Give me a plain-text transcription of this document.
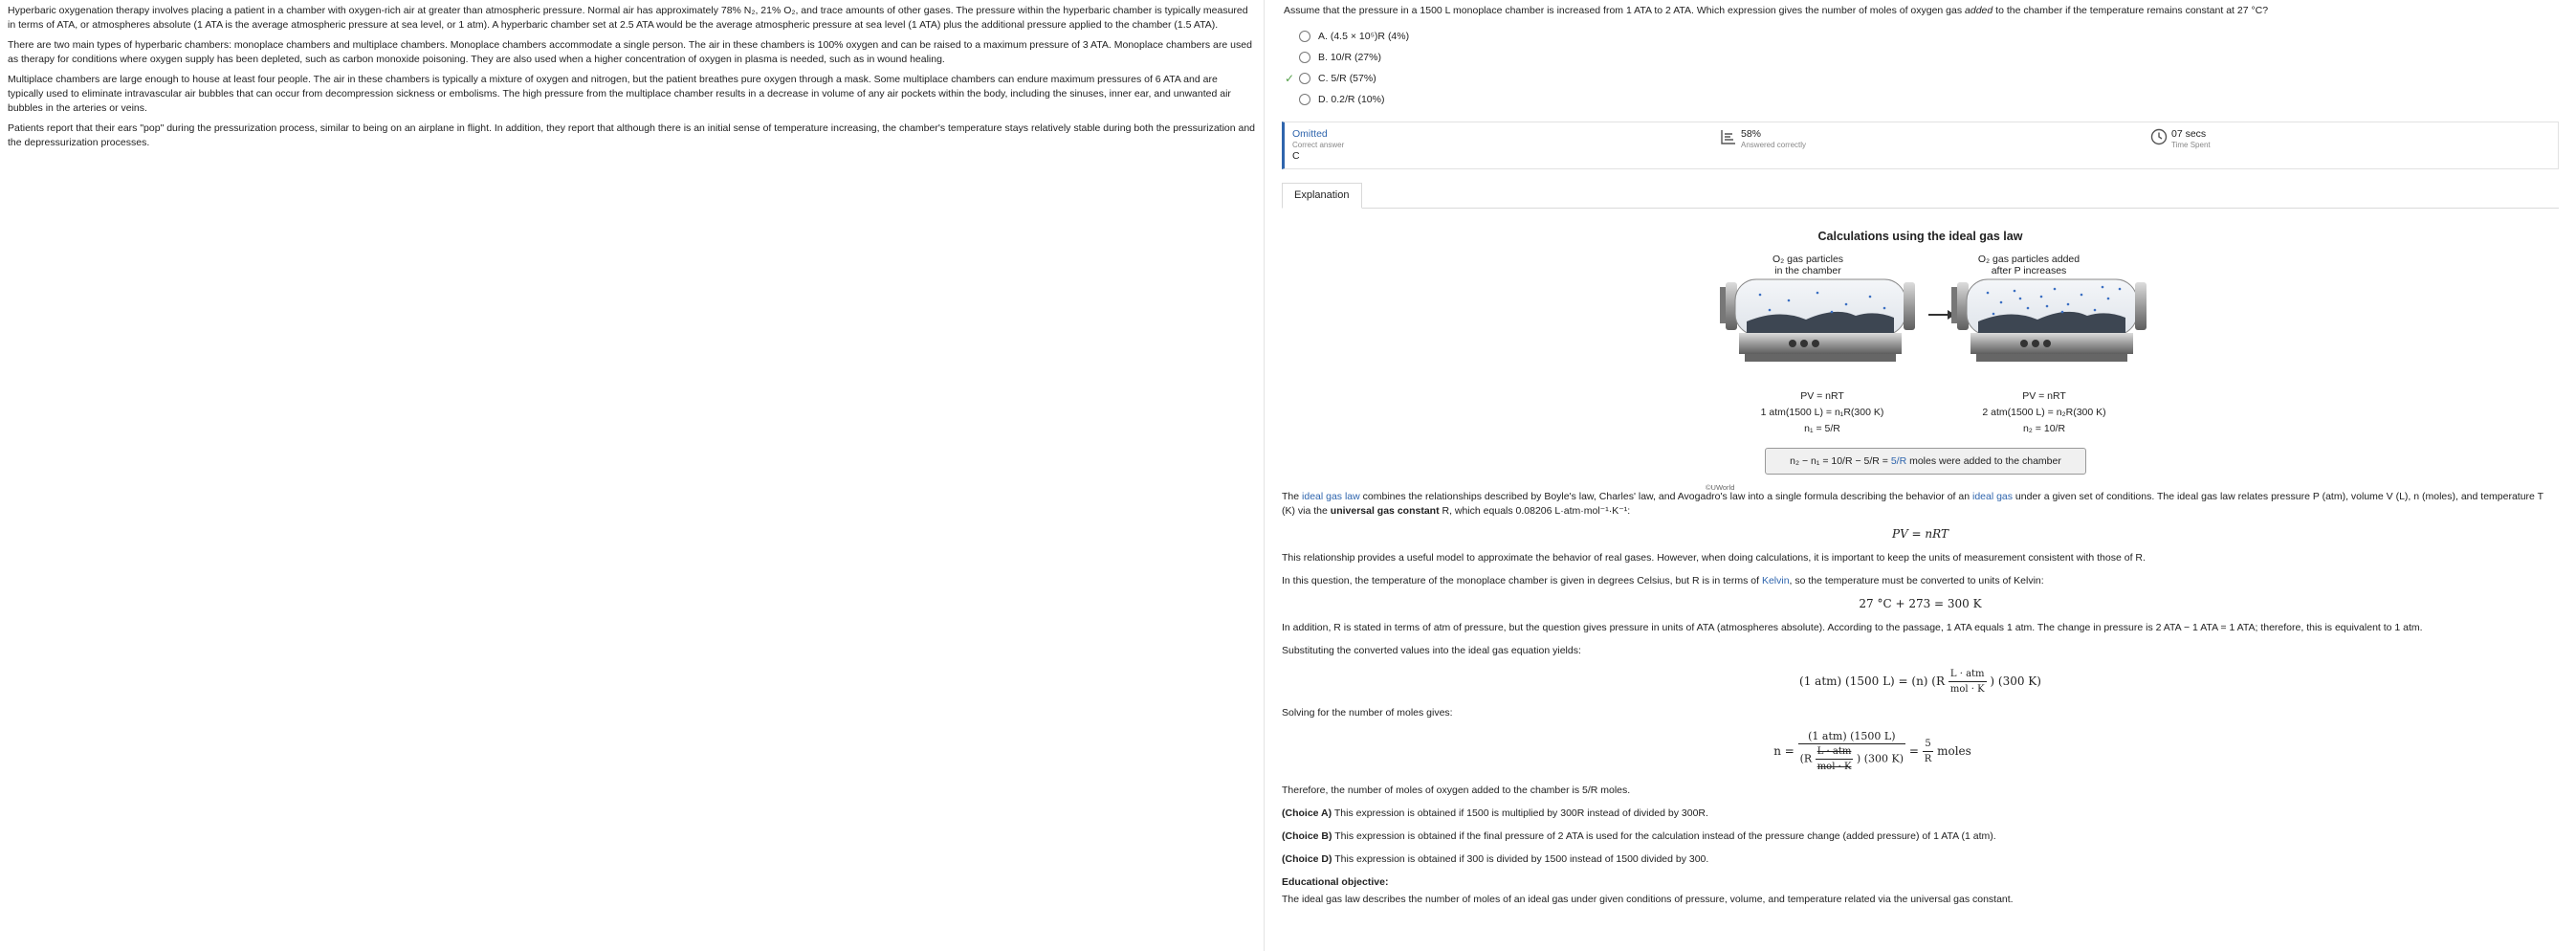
Hyperbaric oxygenation therapy involves placing a patient in a chamber with oxygen-rich air at greater than atmospheric pressure. Normal air has approximately 78% N₂, 21% O₂, and trace amounts of other gases. The pressure within the hyperbaric chamber is typically measured in terms of ATA, or atmospheres absolute (1 ATA is the average atmospheric pressure at sea level, or 1 atm). A hyperbaric chamber set at 2.5 ATA would be the average atmospheric pressure at sea level (1 ATA) plus the additional pressure applied to the chamber (1.5 ATA).

There are two main types of hyperbaric chambers: monoplace chambers and multiplace chambers. Monoplace chambers accommodate a single person. The air in these chambers is 100% oxygen and can be raised to a maximum pressure of 3 ATA. Monoplace chambers are used as therapy for conditions where oxygen supply has been depleted, such as carbon monoxide poisoning. They are also used when a higher concentration of oxygen in plasma is needed, such as in wound healing.

Multiplace chambers are large enough to house at least four people. The air in these chambers is typically a mixture of oxygen and nitrogen, but the patient breathes pure oxygen through a mask. Some multiplace chambers can endure maximum pressures of 6 ATA and are typically used to eliminate intravascular air bubbles that can occur from decompression sickness or embolisms. The high pressure from the multiplace chamber results in a decrease in volume of any air pockets within the body, including the sinuses, inner ear, and unwanted air bubbles in the arteries or veins.

Patients report that their ears "pop" during the pressurization process, similar to being on an airplane in flight. In addition, they report that although there is an initial sense of temperature increasing, the chamber's temperature stays relatively stable during both the pressurization and the depressurization processes.

Assume that the pressure in a 1500 L monoplace chamber is increased from 1 ATA to 2 ATA. Which expression gives the number of moles of oxygen gas added to the chamber if the temperature remains constant at 27 °C?
A.
(4.5 × 10⁵)R
(4%)
B.
10/R
(27%)
✓ C.
5/R
(57%)
D.
0.2/R
(10%)
Omitted
Correct answer
C
58%
Answered correctly
07 secs
Time Spent
Explanation
Calculations using the ideal gas law
O₂ gas particles
in the chamber
O₂ gas particles added
after P increases
PV = nRT
1 atm(1500 L) = n₁R(300 K)
n₁ = 5/R
PV = nRT
2 atm(1500 L) = n₂R(300 K)
n₂ = 10/R
n₂ − n₁ = 10/R − 5/R = 5/R moles were added to the chamber
©UWorld

The ideal gas law combines the relationships described by Boyle's law, Charles' law, and Avogadro's law into a single formula describing the behavior of an ideal gas under a given set of conditions. The ideal gas law relates pressure P (atm), volume V (L), n (moles), and temperature T (K) via the universal gas constant R, which equals 0.08206 L·atm·mol⁻¹·K⁻¹:

PV = nRT

This relationship provides a useful model to approximate the behavior of real gases. However, when doing calculations, it is important to keep the units of measurement consistent with those of R.

In this question, the temperature of the monoplace chamber is given in degrees Celsius, but R is in terms of Kelvin, so the temperature must be converted to units of Kelvin:

27 °C + 273 = 300 K

In addition, R is stated in terms of atm of pressure, but the question gives pressure in units of ATA (atmospheres absolute). According to the passage, 1 ATA equals 1 atm. The change in pressure is 2 ATA − 1 ATA = 1 ATA; therefore, this is equivalent to 1 atm.

Substituting the converted values into the ideal gas equation yields:

(1 atm) (1500 L) = (n) ($R \frac{\text{L · atm}}{\text{mol · K}}$ ) (300 K)

Solving for the number of moles gives:

$n = \frac{\text{(1 atm) (1500 L)}}{(R \frac{\text{L · atm}}{\text{mol · K}} ) (300 K)} = \frac{5}{R}$ moles

Therefore, the number of moles of oxygen added to the chamber is 5/R moles.

(Choice A) This expression is obtained if 1500 is multiplied by 300R instead of divided by 300R.

(Choice B) This expression is obtained if the final pressure of 2 ATA is used for the calculation instead of the pressure change (added pressure) of 1 ATA (1 atm).

(Choice D) This expression is obtained if 300 is divided by 1500 instead of 1500 divided by 300.

Educational objective:

The ideal gas law describes the number of moles of an ideal gas under given conditions of pressure, volume, and temperature related via the universal gas constant.
